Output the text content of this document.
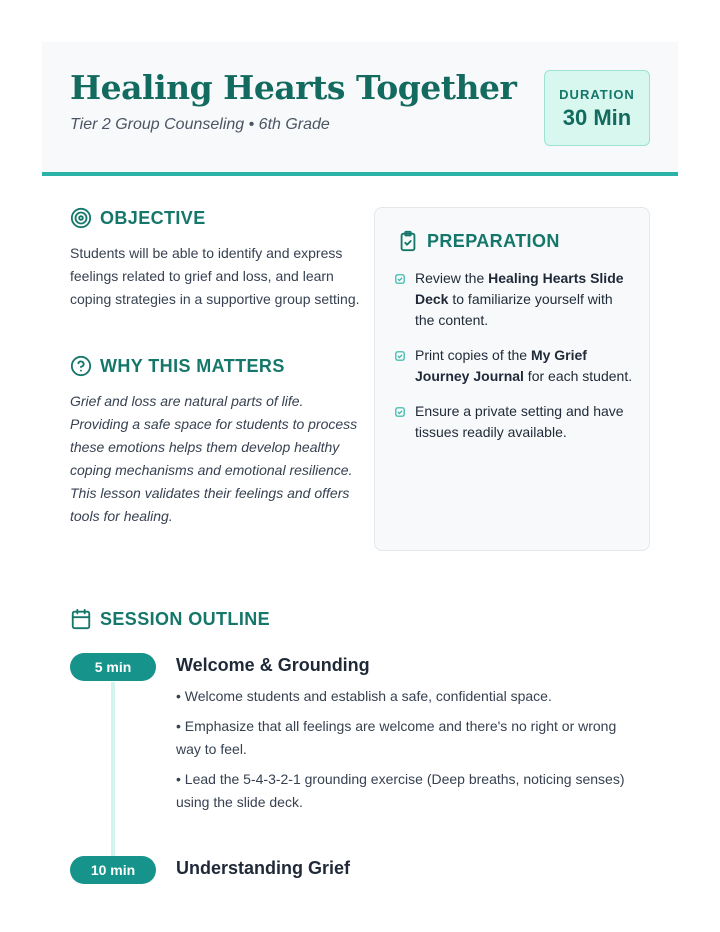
Healing Hearts Together
Tier 2 Group Counseling • 6th Grade
DURATION
30 Min
OBJECTIVE
Students will be able to identify and express feelings related to grief and loss, and learn coping strategies in a supportive group setting.
WHY THIS MATTERS
Grief and loss are natural parts of life. Providing a safe space for students to process these emotions helps them develop healthy coping mechanisms and emotional resilience. This lesson validates their feelings and offers tools for healing.
PREPARATION
Review the Healing Hearts Slide Deck to familiarize yourself with the content.
Print copies of the My Grief Journey Journal for each student.
Ensure a private setting and have tissues readily available.
SESSION OUTLINE
5 min	Welcome & Grounding
• Welcome students and establish a safe, confidential space.
• Emphasize that all feelings are welcome and there's no right or wrong way to feel.
• Lead the 5-4-3-2-1 grounding exercise (Deep breaths, noticing senses) using the slide deck.
10 min	Understanding Grief
